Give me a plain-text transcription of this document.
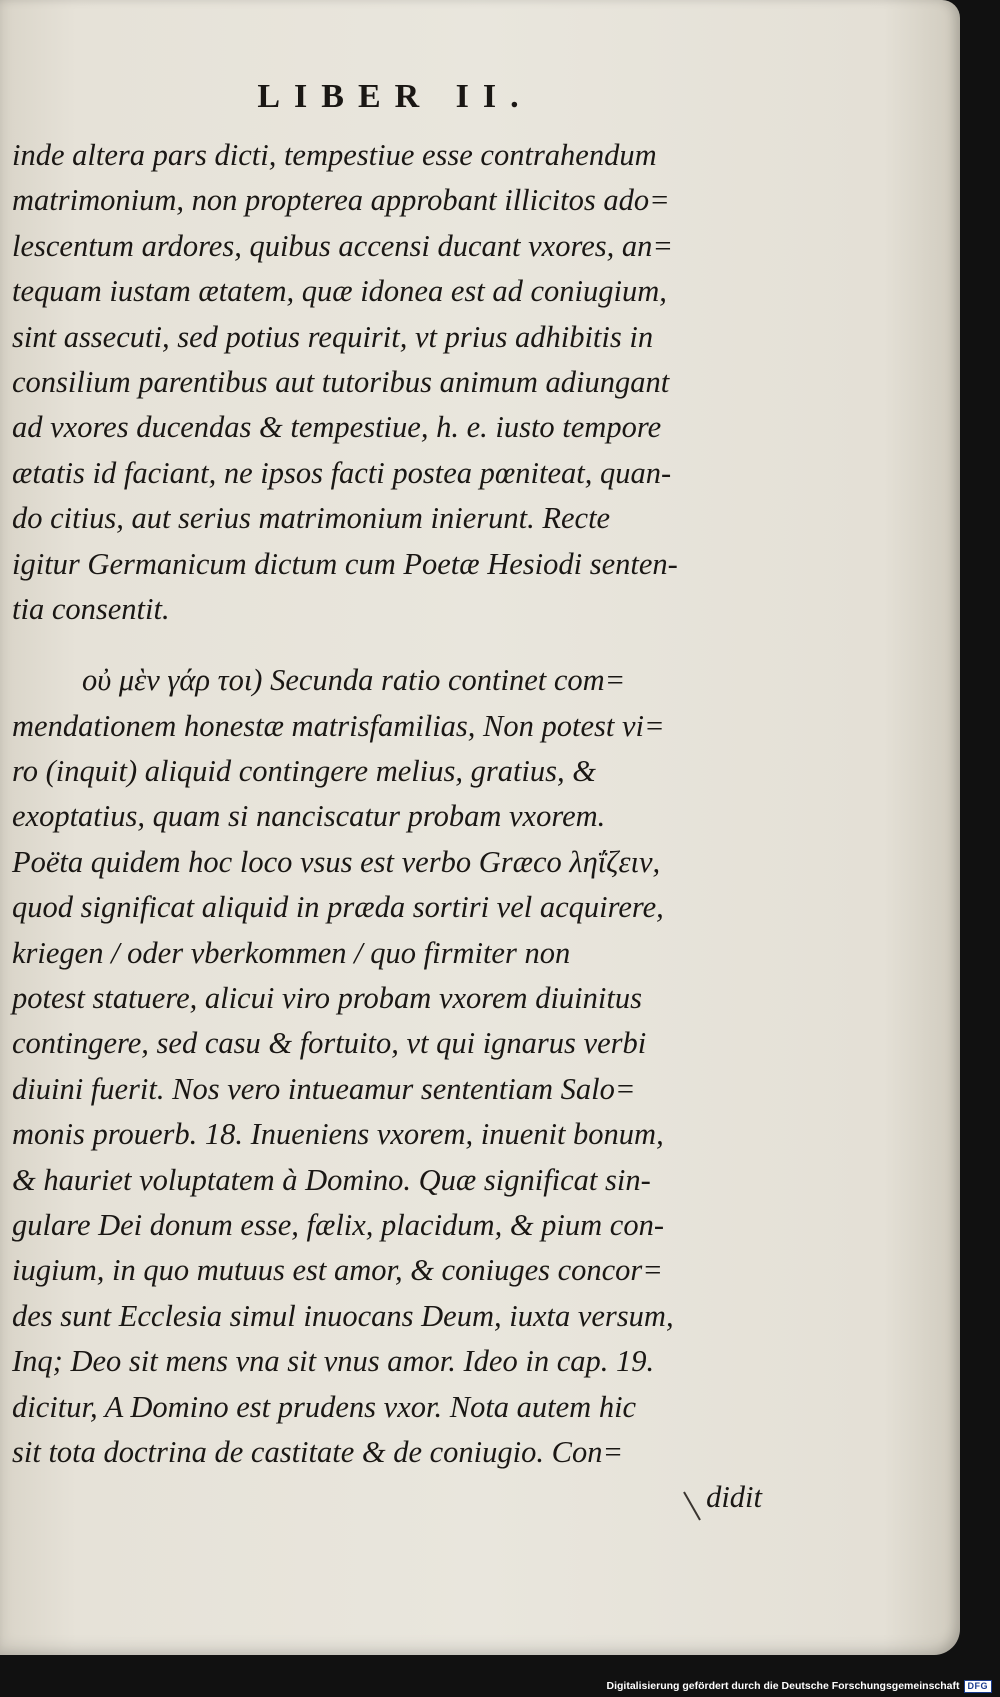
LIBER II.
inde altera pars dicti, tempestiue esse contrahendum
matrimonium, non propterea approbant illicitos ado=
lescentum ardores, quibus accensi ducant vxores, an=
tequam iustam ætatem, quæ idonea est ad coniugium,
sint assecuti, sed potius requirit, vt prius adhibitis in
consilium parentibus aut tutoribus animum adiungant
ad vxores ducendas & tempestiue, h. e. iusto tempore
ætatis id faciant, ne ipsos facti postea pœniteat, quan-
do citius, aut serius matrimonium inierunt. Recte
igitur Germanicum dictum cum Poetæ Hesiodi senten-
tia consentit.
οὐ μὲν γάρ τοι) Secunda ratio continet com=
mendationem honestæ matrisfamilias, Non potest vi=
ro (inquit) aliquid contingere melius, gratius, &
exoptatius, quam si nanciscatur probam vxorem.
Poëta quidem hoc loco vsus est verbo Græco ληΐζειν,
quod significat aliquid in præda sortiri vel acquirere,
kriegen / oder vberkommen / quo firmiter non
potest statuere, alicui viro probam vxorem diuinitus
contingere, sed casu & fortuito, vt qui ignarus verbi
diuini fuerit. Nos vero intueamur sententiam Salo=
monis prouerb. 18. Inueniens vxorem, inuenit bonum,
& hauriet voluptatem à Domino. Quæ significat sin-
gulare Dei donum esse, fælix, placidum, & pium con-
iugium, in quo mutuus est amor, & coniuges concor=
des sunt Ecclesia simul inuocans Deum, iuxta versum,
Inq; Deo sit mens vna sit vnus amor. Ideo in cap. 19.
dicitur, A Domino est prudens vxor. Nota autem hic
sit tota doctrina de castitate & de coniugio. Con=
didit
Digitalisierung gefördert durch die Deutsche Forschungsgemeinschaft DFG
